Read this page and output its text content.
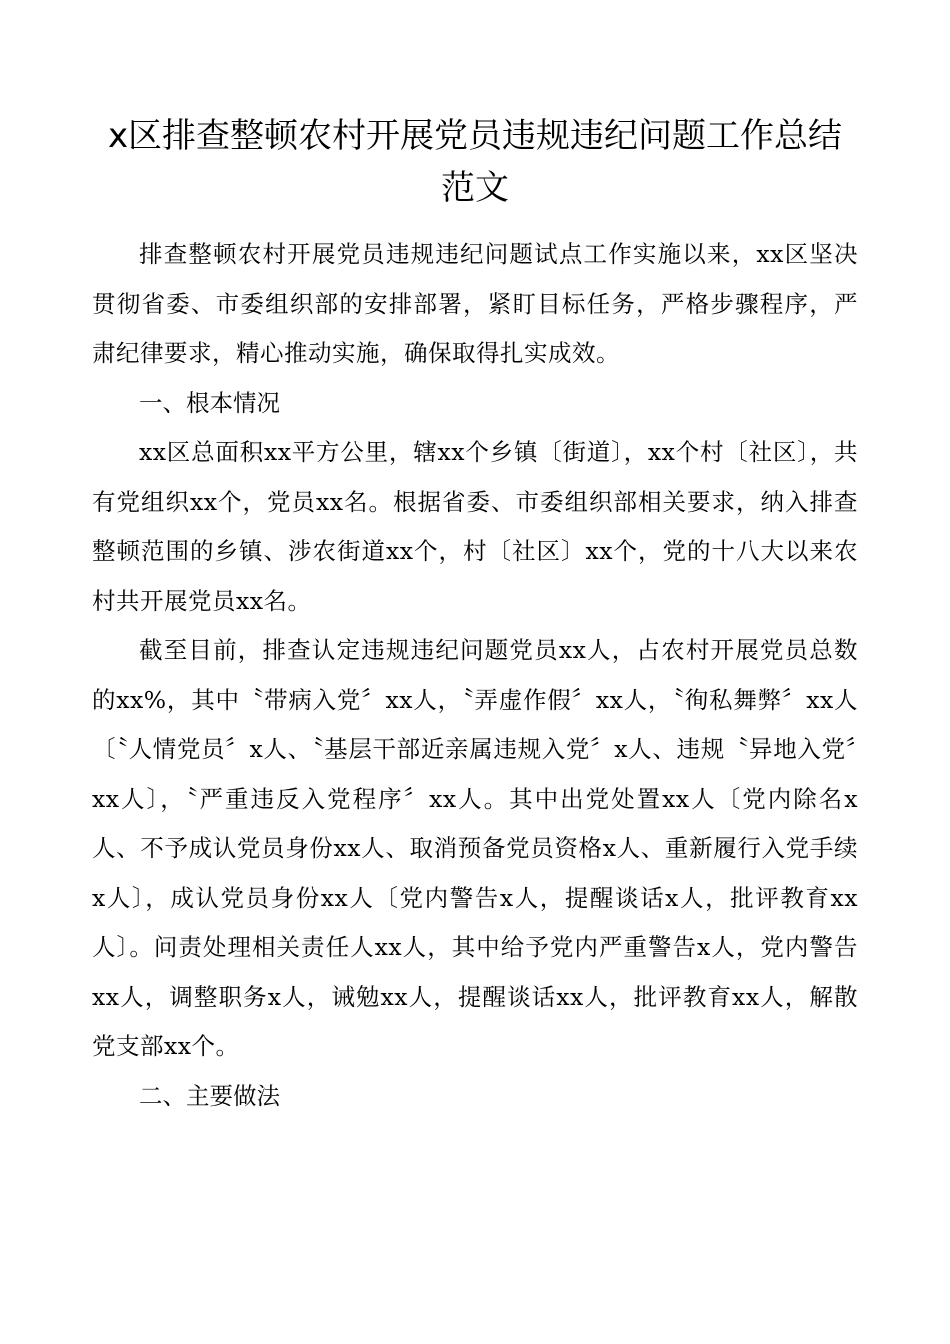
x区排查整顿农村开展党员违规违纪问题工作总结范文

排查整顿农村开展党员违规违纪问题试点工作实施以来，xx区坚决贯彻省委、市委组织部的安排部署，紧盯目标任务，严格步骤程序，严肃纪律要求，精心推动实施，确保取得扎实成效。

一、根本情况

xx区总面积xx平方公里，辖xx个乡镇〔街道〕，xx个村〔社区〕，共有党组织xx个，党员xx名。根据省委、市委组织部相关要求，纳入排查整顿范围的乡镇、涉农街道xx个，村〔社区〕xx个，党的十八大以来农村共开展党员xx名。

截至目前，排查认定违规违纪问题党员xx人，占农村开展党员总数的xx%，其中〝带病入党〞xx人，〝弄虚作假〞xx人，〝徇私舞弊〞xx人〔〝人情党员〞x人、〝基层干部近亲属违规入党〞x人、违规〝异地入党〞xx人〕，〝严重违反入党程序〞xx人。其中出党处置xx人〔党内除名x人、不予成认党员身份xx人、取消预备党员资格x人、重新履行入党手续x人〕，成认党员身份xx人〔党内警告x人，提醒谈话x人，批评教育xx人〕。问责处理相关责任人xx人，其中给予党内严重警告x人，党内警告xx人，调整职务x人，诫勉xx人，提醒谈话xx人，批评教育xx人，解散党支部xx个。

二、主要做法
